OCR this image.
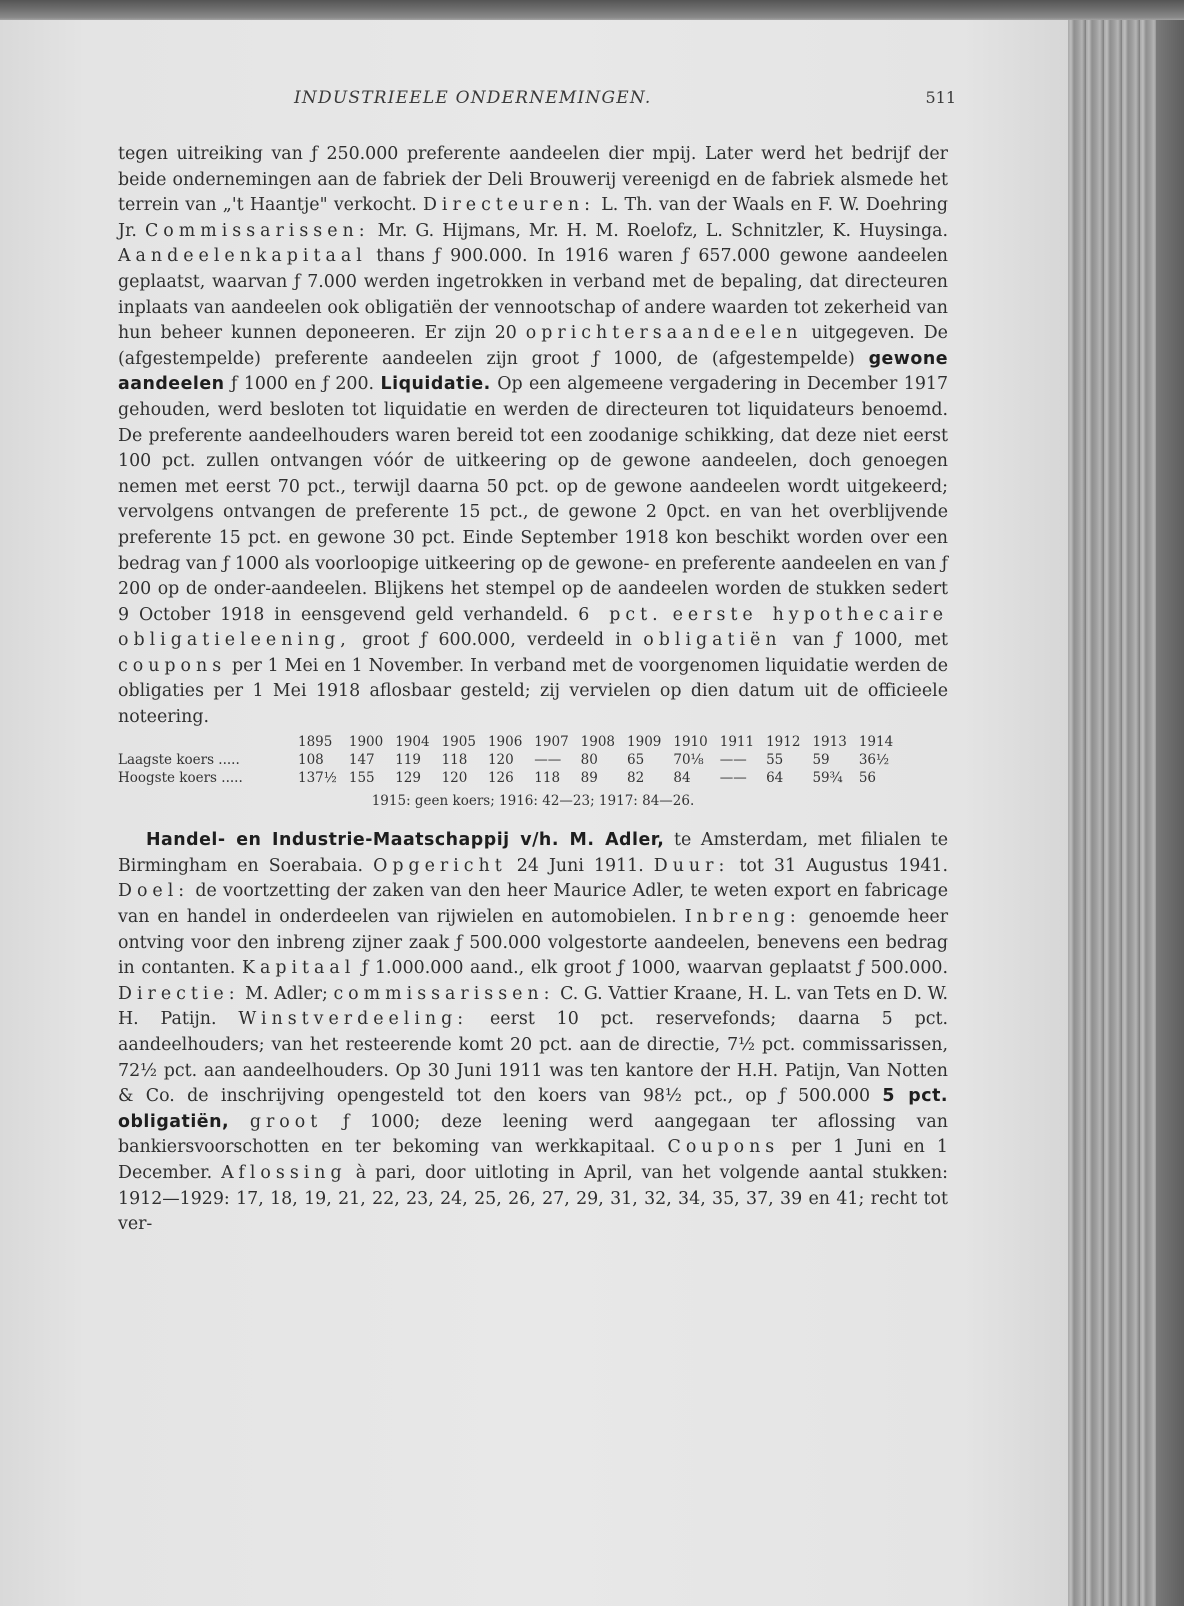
INDUSTRIEELE ONDERNEMINGEN.	511

tegen uitreiking van ƒ 250.000 preferente aandeelen dier mpij. Later werd het bedrijf der beide ondernemingen aan de fabriek der Deli Brouwerij vereenigd en de fabriek alsmede het terrein van „'t Haantje" verkocht. Directeuren: L. Th. van der Waals en F. W. Doehring Jr. Commissarissen: Mr. G. Hijmans, Mr. H. M. Roelofz, L. Schnitzler, K. Huysinga. Aandeelenkapitaal thans ƒ 900.000. In 1916 waren ƒ 657.000 gewone aandeelen geplaatst, waarvan ƒ 7.000 werden ingetrokken in verband met de bepaling, dat directeuren inplaats van aandeelen ook obligatiën der vennootschap of andere waarden tot zekerheid van hun beheer kunnen deponeeren. Er zijn 20 oprichtersaandeelen uitgegeven. De (afgestempelde) preferente aandeelen zijn groot ƒ 1000, de (afgestempelde) gewone aandeelen ƒ 1000 en ƒ 200. Liquidatie. Op een algemeene vergadering in December 1917 gehouden, werd besloten tot liquidatie en werden de directeuren tot liquidateurs benoemd. De preferente aandeelhouders waren bereid tot een zoodanige schikking, dat deze niet eerst 100 pct. zullen ontvangen vóór de uitkeering op de gewone aandeelen, doch genoegen nemen met eerst 70 pct., terwijl daarna 50 pct. op de gewone aandeelen wordt uitgekeerd; vervolgens ontvangen de preferente 15 pct., de gewone 2 0pct. en van het overblijvende preferente 15 pct. en gewone 30 pct. Einde September 1918 kon beschikt worden over een bedrag van ƒ 1000 als voorloopige uitkeering op de gewone- en preferente aandeelen en van ƒ 200 op de onder-aandeelen. Blijkens het stempel op de aandeelen worden de stukken sedert 9 October 1918 in eensgevend geld verhandeld. 6 pct. eerste hypothecaire obligatieleening, groot ƒ 600.000, verdeeld in obligatiën van ƒ 1000, met coupons per 1 Mei en 1 November. In verband met de voorgenomen liquidatie werden de obligaties per 1 Mei 1918 aflosbaar gesteld; zij vervielen op dien datum uit de officieele noteering.

	1895	1900	1904	1905	1906	1907	1908	1909	1910	1911	1912	1913	1914
Laagste koers .....	108	147	119	118	120	——	80	65	70⅛	——	55	59	36½
Hoogste koers .....	137½	155	129	120	126	118	89	82	84	——	64	59¾	56
1915: geen koers; 1916: 42—23; 1917: 84—26.

Handel- en Industrie-Maatschappij v/h. M. Adler, te Amsterdam, met filialen te Birmingham en Soerabaia. Opgericht 24 Juni 1911. Duur: tot 31 Augustus 1941. Doel: de voortzetting der zaken van den heer Maurice Adler, te weten export en fabricage van en handel in onderdeelen van rijwielen en automobielen. Inbreng: genoemde heer ontving voor den inbreng zijner zaak ƒ 500.000 volgestorte aandeelen, benevens een bedrag in contanten. Kapitaal ƒ 1.000.000 aand., elk groot ƒ 1000, waarvan geplaatst ƒ 500.000. Directie: M. Adler; commissarissen: C. G. Vattier Kraane, H. L. van Tets en D. W. H. Patijn. Winstverdeeling: eerst 10 pct. reservefonds; daarna 5 pct. aandeelhouders; van het resteerende komt 20 pct. aan de directie, 7½ pct. commissarissen, 72½ pct. aan aandeelhouders. Op 30 Juni 1911 was ten kantore der H.H. Patijn, Van Notten & Co. de inschrijving opengesteld tot den koers van 98½ pct., op ƒ 500.000 5 pct. obligatiën, groot ƒ 1000; deze leening werd aangegaan ter aflossing van bankiersvoorschotten en ter bekoming van werkkapitaal. Coupons per 1 Juni en 1 December. Aflossing à pari, door uitloting in April, van het volgende aantal stukken: 1912—1929: 17, 18, 19, 21, 22, 23, 24, 25, 26, 27, 29, 31, 32, 34, 35, 37, 39 en 41; recht tot ver-
